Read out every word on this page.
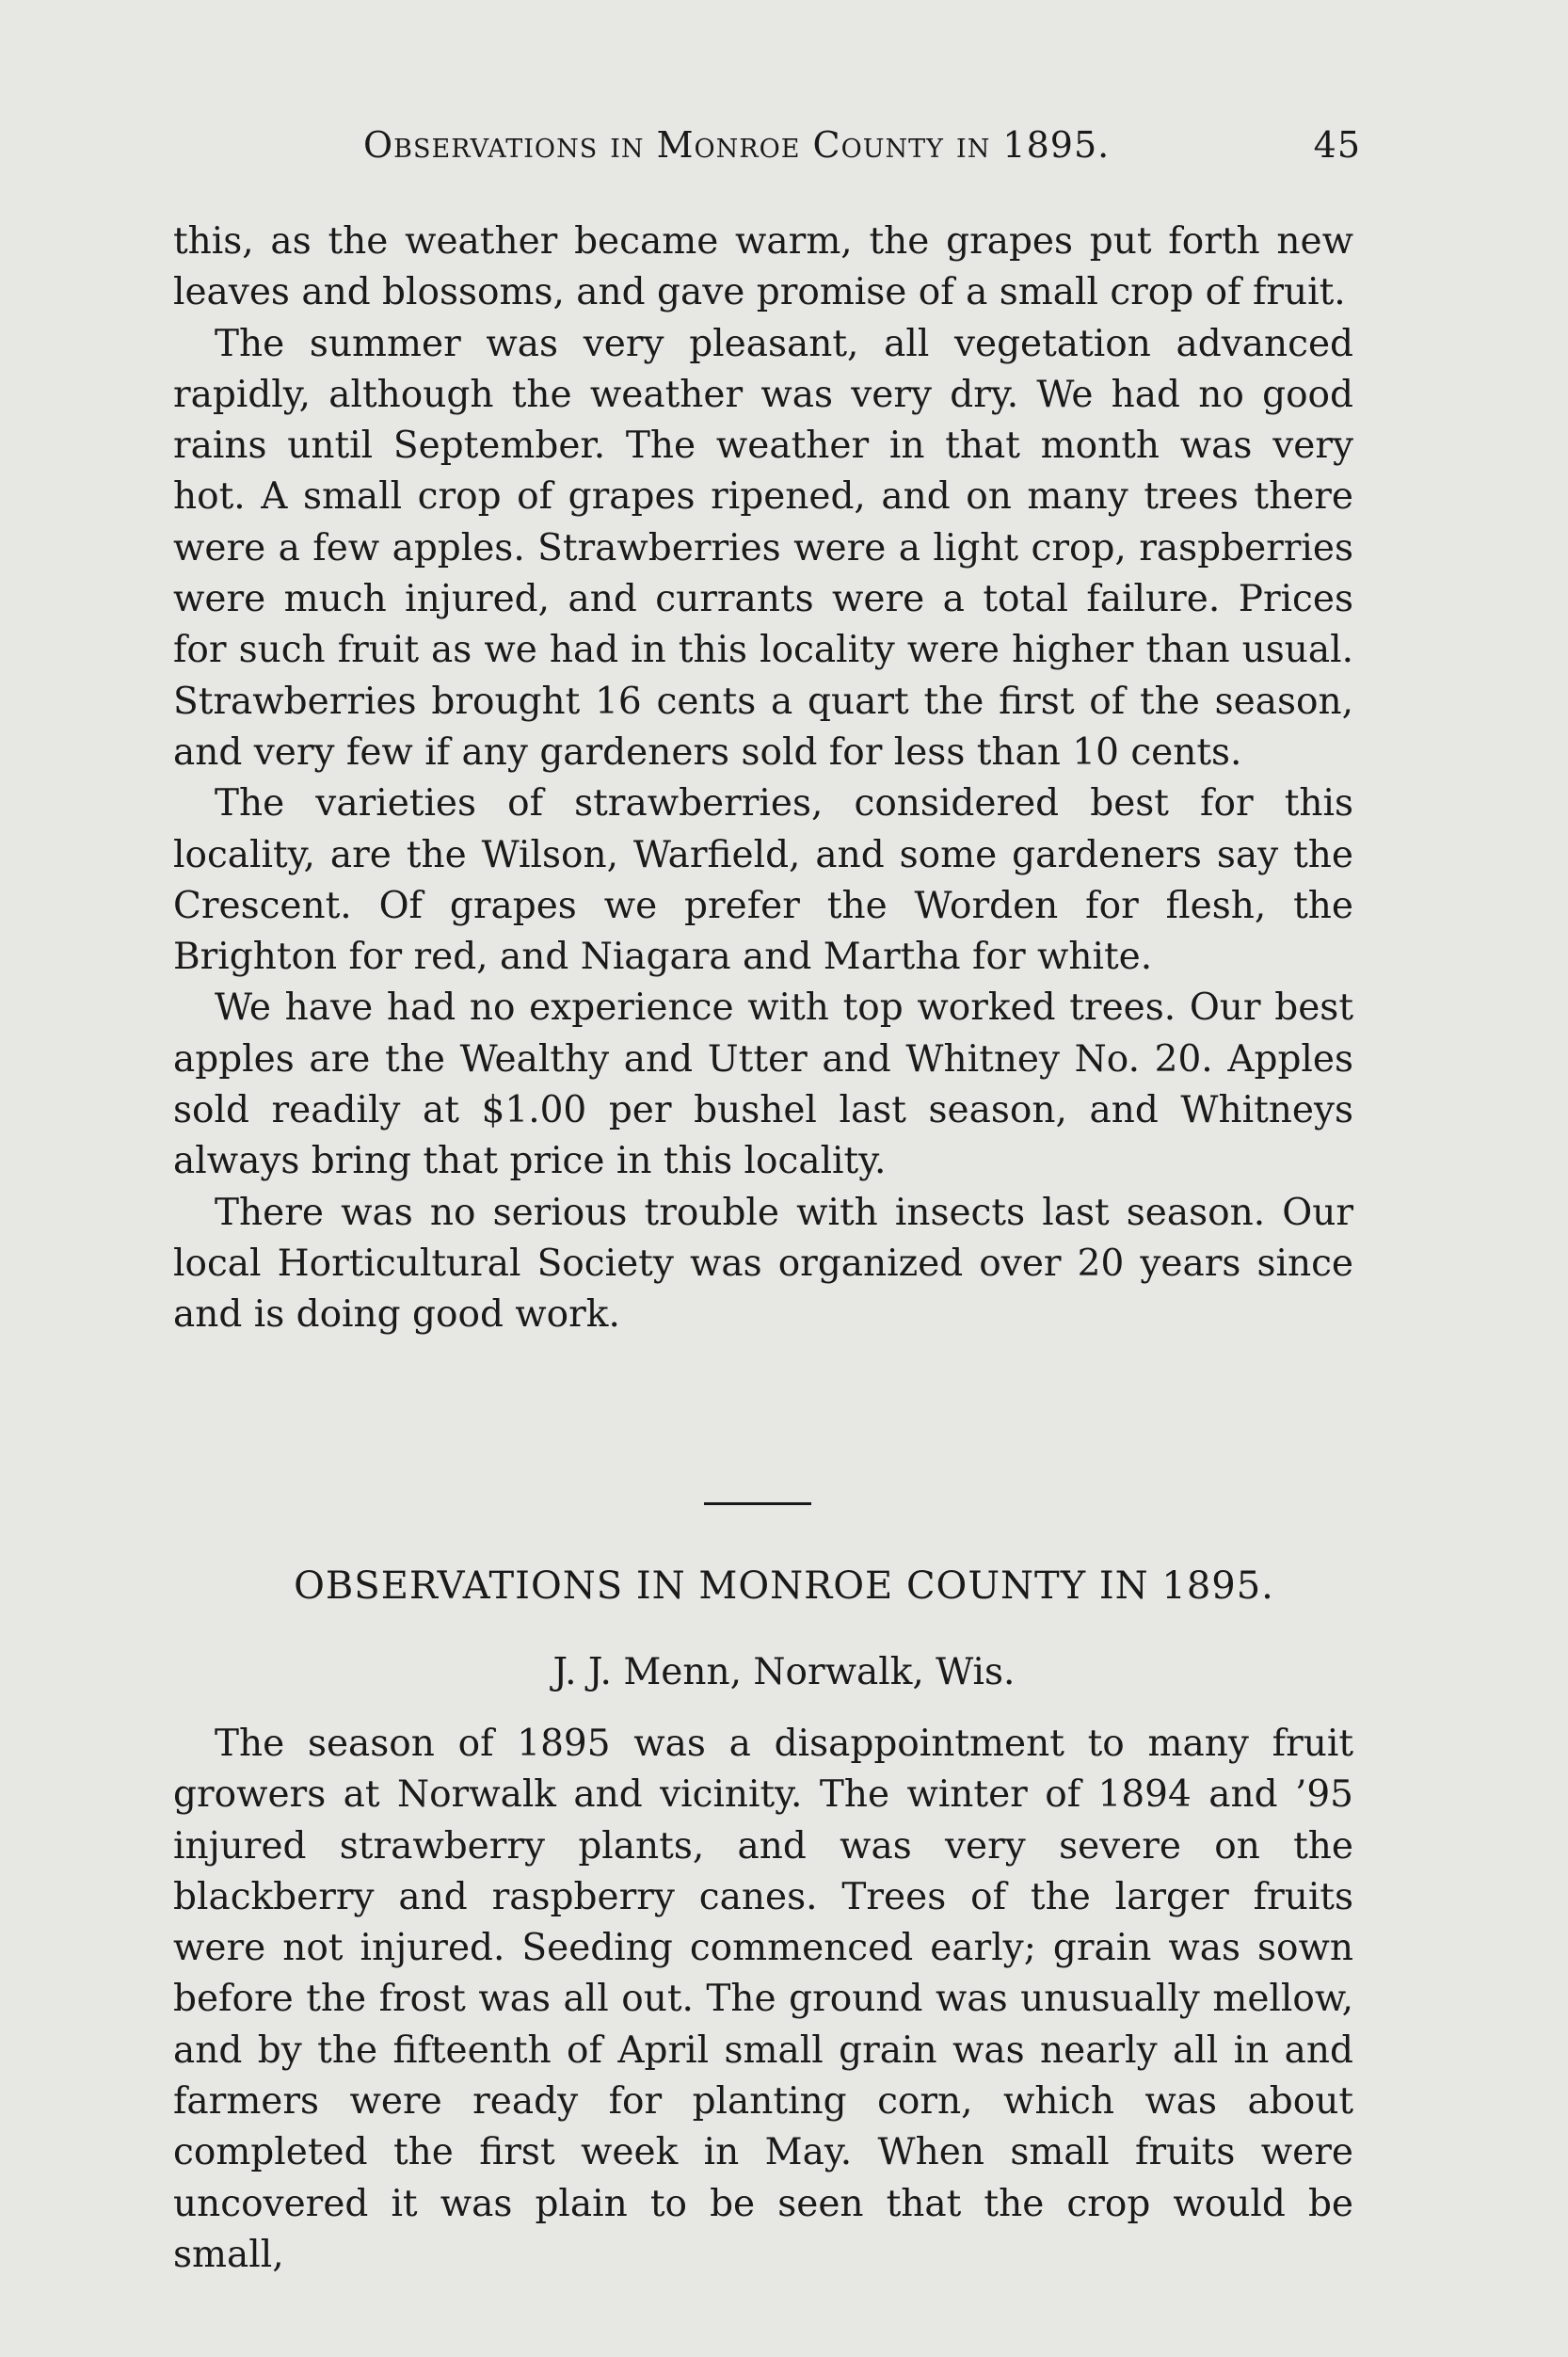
Observations in Monroe County in 1895.	45

this, as the weather became warm, the grapes put forth new leaves and blossoms, and gave promise of a small crop of fruit.

The summer was very pleasant, all vegetation advanced rapidly, although the weather was very dry. We had no good rains until September. The weather in that month was very hot. A small crop of grapes ripened, and on many trees there were a few apples. Strawberries were a light crop, raspberries were much injured, and currants were a total failure. Prices for such fruit as we had in this locality were higher than usual. Strawberries brought 16 cents a quart the first of the season, and very few if any gardeners sold for less than 10 cents.

The varieties of strawberries, considered best for this locality, are the Wilson, Warfield, and some gardeners say the Crescent. Of grapes we prefer the Worden for flesh, the Brighton for red, and Niagara and Martha for white.

We have had no experience with top worked trees. Our best apples are the Wealthy and Utter and Whitney No. 20. Apples sold readily at $1.00 per bushel last season, and Whitneys always bring that price in this locality.

There was no serious trouble with insects last season. Our local Horticultural Society was organized over 20 years since and is doing good work.

OBSERVATIONS IN MONROE COUNTY IN 1895.
J. J. Menn, Norwalk, Wis.

The season of 1895 was a disappointment to many fruit growers at Norwalk and vicinity. The winter of 1894 and ’95 injured strawberry plants, and was very severe on the blackberry and raspberry canes. Trees of the larger fruits were not injured. Seeding commenced early; grain was sown before the frost was all out. The ground was unusually mellow, and by the fifteenth of April small grain was nearly all in and farmers were ready for planting corn, which was about completed the first week in May. When small fruits were uncovered it was plain to be seen that the crop would be small,
